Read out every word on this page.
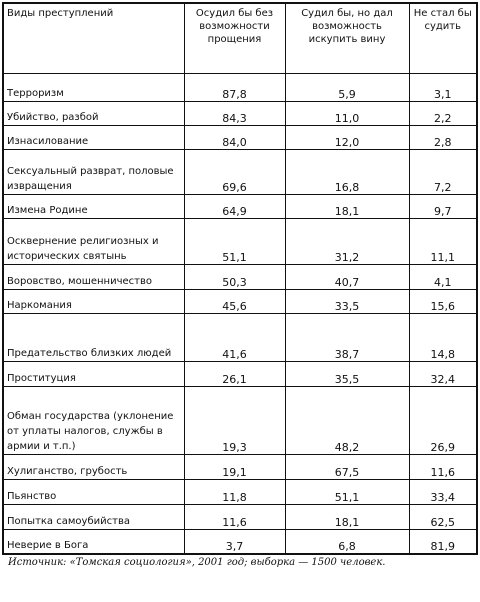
Виды преступлений	Осудил бы без возможности прощения	Судил бы, но дал возможность искупить вину	Не стал бы судить
Терроризм	87,8	5,9	3,1
Убийство, разбой	84,3	11,0	2,2
Изнасилование	84,0	12,0	2,8
Сексуальный разврат, половые извращения	69,6	16,8	7,2
Измена Родине	64,9	18,1	9,7
Осквернение религиозных и исторических святынь	51,1	31,2	11,1
Воровство, мошенничество	50,3	40,7	4,1
Наркомания	45,6	33,5	15,6
Предательство близких людей	41,6	38,7	14,8
Проституция	26,1	35,5	32,4
Обман государства (уклонение от уплаты налогов, службы в армии и т.п.)	19,3	48,2	26,9
Хулиганство, грубость	19,1	67,5	11,6
Пьянство	11,8	51,1	33,4
Попытка самоубийства	11,6	18,1	62,5
Неверие в Бога	3,7	6,8	81,9
Источник: «Томская социология», 2001 год; выборка — 1500 человек.
